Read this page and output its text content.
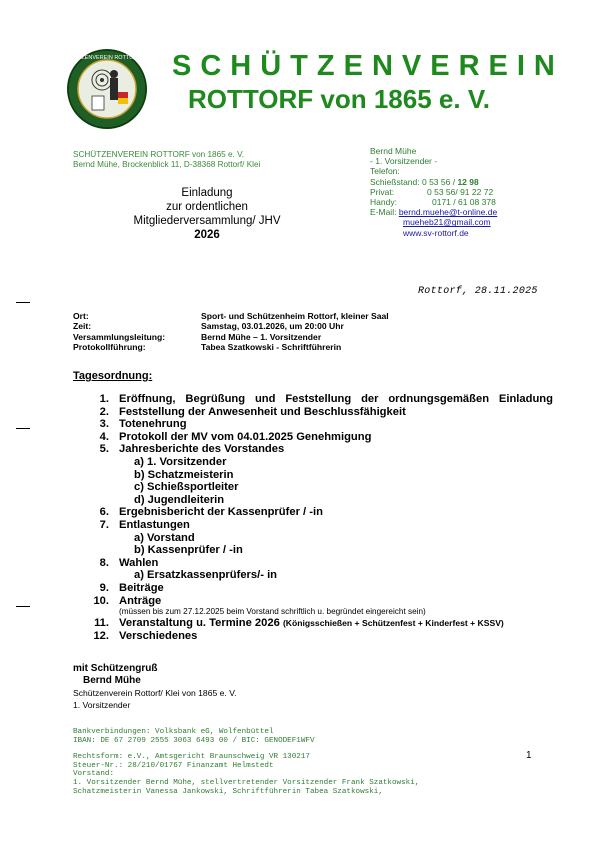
SCHÜTZENVEREIN ROTTORF e.V. SCHÜTZENVEREIN
ROTTORF von 1865 e. V.
SCHÜTZENVEREIN ROTTORF von 1865 e. V.
Bernd Mühe, Brockenblick 11, D-38368 Rottorf/ Klei
Einladung
zur ordentlichen
Mitgliederversammlung/ JHV
2026
Bernd Mühe
- 1. Vorsitzender -
Telefon:
Schießstand: 0 53 56 / 12 98
Privat:	0 53 56/ 91 22 72
Handy:	0171 / 61 08 378
E-Mail: bernd.muehe@t-online.de
mueheb21@gmail.com
www.sv-rottorf.de
Rottorf, 28.11.2025
Ort:	Sport- und Schützenheim Rottorf, kleiner Saal
Zeit:	Samstag, 03.01.2026, um 20:00 Uhr
Versammlungsleitung:	Bernd Mühe – 1. Vorsitzender
Protokollführung:	Tabea Szatkowski - Schriftführerin
Tagesordnung:
1. Eröffnung, Begrüßung und Feststellung der ordnungsgemäßen Einladung
2. Feststellung der Anwesenheit und Beschlussfähigkeit
3. Totenehrung
4. Protokoll der MV vom 04.01.2025 Genehmigung
5. Jahresberichte des Vorstandes
a) 1. Vorsitzender
b) Schatzmeisterin
c) Schießsportleiter
d) Jugendleiterin
6. Ergebnisbericht der Kassenprüfer / -in
7. Entlastungen
a) Vorstand
b) Kassenprüfer / -in
8. Wahlen
a) Ersatzkassenprüfers/- in
9. Beiträge
10. Anträge
(müssen bis zum 27.12.2025 beim Vorstand schriftlich u. begründet eingereicht sein)
11. Veranstaltung u. Termine 2026 (Königsschießen + Schützenfest + Kinderfest + KSSV)
12. Verschiedenes
mit Schützengruß
Bernd Mühe
Schützenverein Rottorf/ Klei von 1865 e. V.
1. Vorsitzender
Bankverbindungen: Volksbank eG, Wolfenbüttel
IBAN: DE 67 2709 2555 3063 6493 00 / BIC: GENODEF1WFV
Rechtsform: e.V., Amtsgericht Braunschweig VR 130217
Steuer-Nr.: 28/210/01767 Finanzamt Helmstedt
Vorstand:
1. Vorsitzender Bernd Mühe, stellvertretender Vorsitzender Frank Szatkowski,
Schatzmeisterin Vanessa Jankowski, Schriftführerin Tabea Szatkowski,
1
